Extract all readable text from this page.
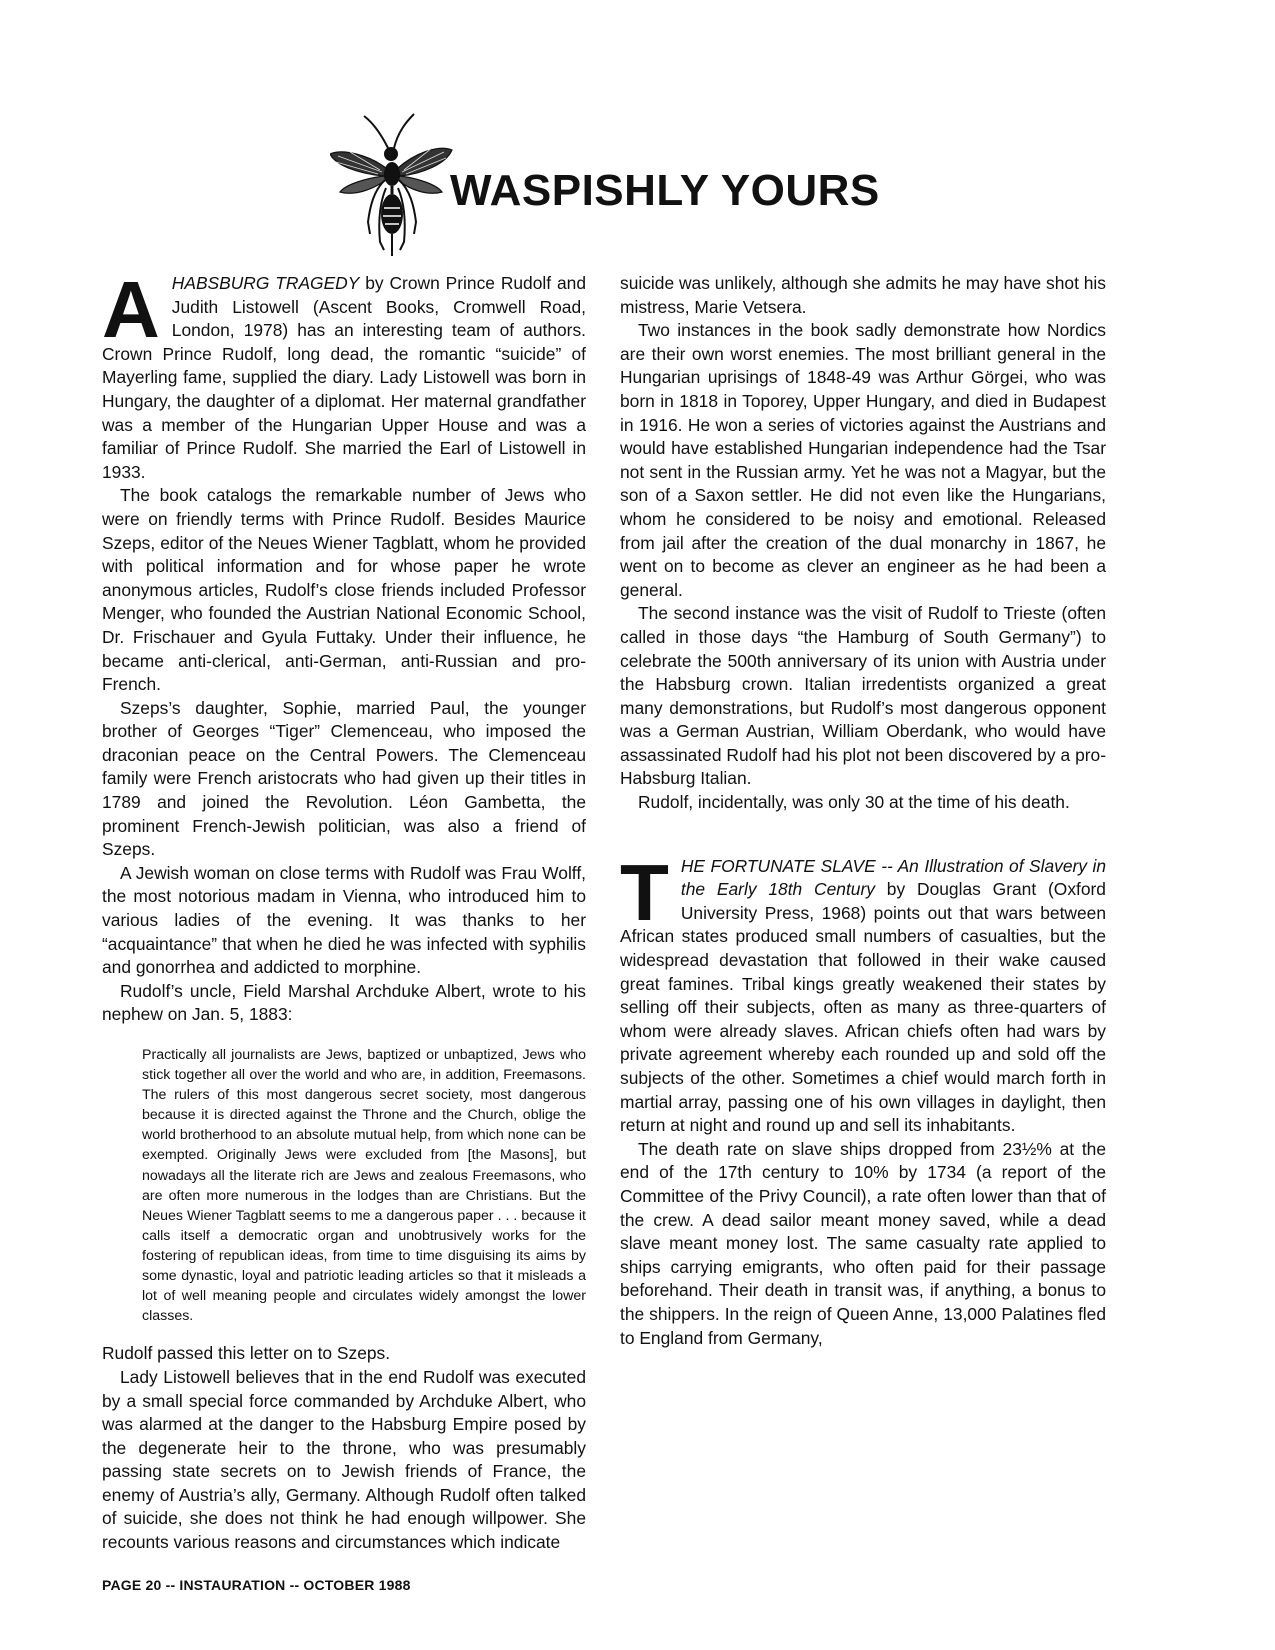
WASPISHLY YOURS

AHABSBURG TRAGEDY by Crown Prince Rudolf and Judith Listowell (Ascent Books, Cromwell Road, London, 1978) has an interesting team of authors. Crown Prince Rudolf, long dead, the romantic “suicide” of Mayerling fame, supplied the diary. Lady Listowell was born in Hungary, the daughter of a diplomat. Her maternal grandfather was a member of the Hungarian Upper House and was a familiar of Prince Rudolf. She married the Earl of Listowell in 1933.

The book catalogs the remarkable number of Jews who were on friendly terms with Prince Rudolf. Besides Maurice Szeps, editor of the Neues Wiener Tagblatt, whom he provided with political information and for whose paper he wrote anonymous articles, Rudolf’s close friends included Professor Menger, who founded the Austrian National Economic School, Dr. Frischauer and Gyula Futtaky. Under their influence, he became anti-clerical, anti-German, anti-Russian and pro-French.

Szeps’s daughter, Sophie, married Paul, the younger brother of Georges “Tiger” Clemenceau, who imposed the draconian peace on the Central Powers. The Clemenceau family were French aristocrats who had given up their titles in 1789 and joined the Revolution. Léon Gambetta, the prominent French-Jewish politician, was also a friend of Szeps.

A Jewish woman on close terms with Rudolf was Frau Wolff, the most notorious madam in Vienna, who introduced him to various ladies of the evening. It was thanks to her “acquaintance” that when he died he was infected with syphilis and gonorrhea and addicted to morphine.

Rudolf’s uncle, Field Marshal Archduke Albert, wrote to his nephew on Jan. 5, 1883:

Practically all journalists are Jews, baptized or unbaptized, Jews who stick together all over the world and who are, in addition, Freemasons. The rulers of this most dangerous secret society, most dangerous because it is directed against the Throne and the Church, oblige the world brotherhood to an absolute mutual help, from which none can be exempted. Originally Jews were excluded from [the Masons], but nowadays all the literate rich are Jews and zealous Freemasons, who are often more numerous in the lodges than are Christians. But the Neues Wiener Tagblatt seems to me a dangerous paper . . . because it calls itself a democratic organ and unobtrusively works for the fostering of republican ideas, from time to time disguising its aims by some dynastic, loyal and patriotic leading articles so that it misleads a lot of well meaning people and circulates widely amongst the lower classes.

Rudolf passed this letter on to Szeps.

Lady Listowell believes that in the end Rudolf was executed by a small special force commanded by Archduke Albert, who was alarmed at the danger to the Habsburg Empire posed by the degenerate heir to the throne, who was presumably passing state secrets on to Jewish friends of France, the enemy of Austria’s ally, Germany. Although Rudolf often talked of suicide, she does not think he had enough willpower. She recounts various reasons and circumstances which indicate

suicide was unlikely, although she admits he may have shot his mistress, Marie Vetsera.

Two instances in the book sadly demonstrate how Nordics are their own worst enemies. The most brilliant general in the Hungarian uprisings of 1848-49 was Arthur Görgei, who was born in 1818 in Toporey, Upper Hungary, and died in Budapest in 1916. He won a series of victories against the Austrians and would have established Hungarian independence had the Tsar not sent in the Russian army. Yet he was not a Magyar, but the son of a Saxon settler. He did not even like the Hungarians, whom he considered to be noisy and emotional. Released from jail after the creation of the dual monarchy in 1867, he went on to become as clever an engineer as he had been a general.

The second instance was the visit of Rudolf to Trieste (often called in those days “the Hamburg of South Germany”) to celebrate the 500th anniversary of its union with Austria under the Habsburg crown. Italian irredentists organized a great many demonstrations, but Rudolf’s most dangerous opponent was a German Austrian, William Oberdank, who would have assassinated Rudolf had his plot not been discovered by a pro-Habsburg Italian.

Rudolf, incidentally, was only 30 at the time of his death.

THE FORTUNATE SLAVE -- An Illustration of Slavery in the Early 18th Century by Douglas Grant (Oxford University Press, 1968) points out that wars between African states produced small numbers of casualties, but the widespread devastation that followed in their wake caused great famines. Tribal kings greatly weakened their states by selling off their subjects, often as many as three-quarters of whom were already slaves. African chiefs often had wars by private agreement whereby each rounded up and sold off the subjects of the other. Sometimes a chief would march forth in martial array, passing one of his own villages in daylight, then return at night and round up and sell its inhabitants.

The death rate on slave ships dropped from 23½% at the end of the 17th century to 10% by 1734 (a report of the Committee of the Privy Council), a rate often lower than that of the crew. A dead sailor meant money saved, while a dead slave meant money lost. The same casualty rate applied to ships carrying emigrants, who often paid for their passage beforehand. Their death in transit was, if anything, a bonus to the shippers. In the reign of Queen Anne, 13,000 Palatines fled to England from Germany,

PAGE 20 -- INSTAURATION -- OCTOBER 1988
